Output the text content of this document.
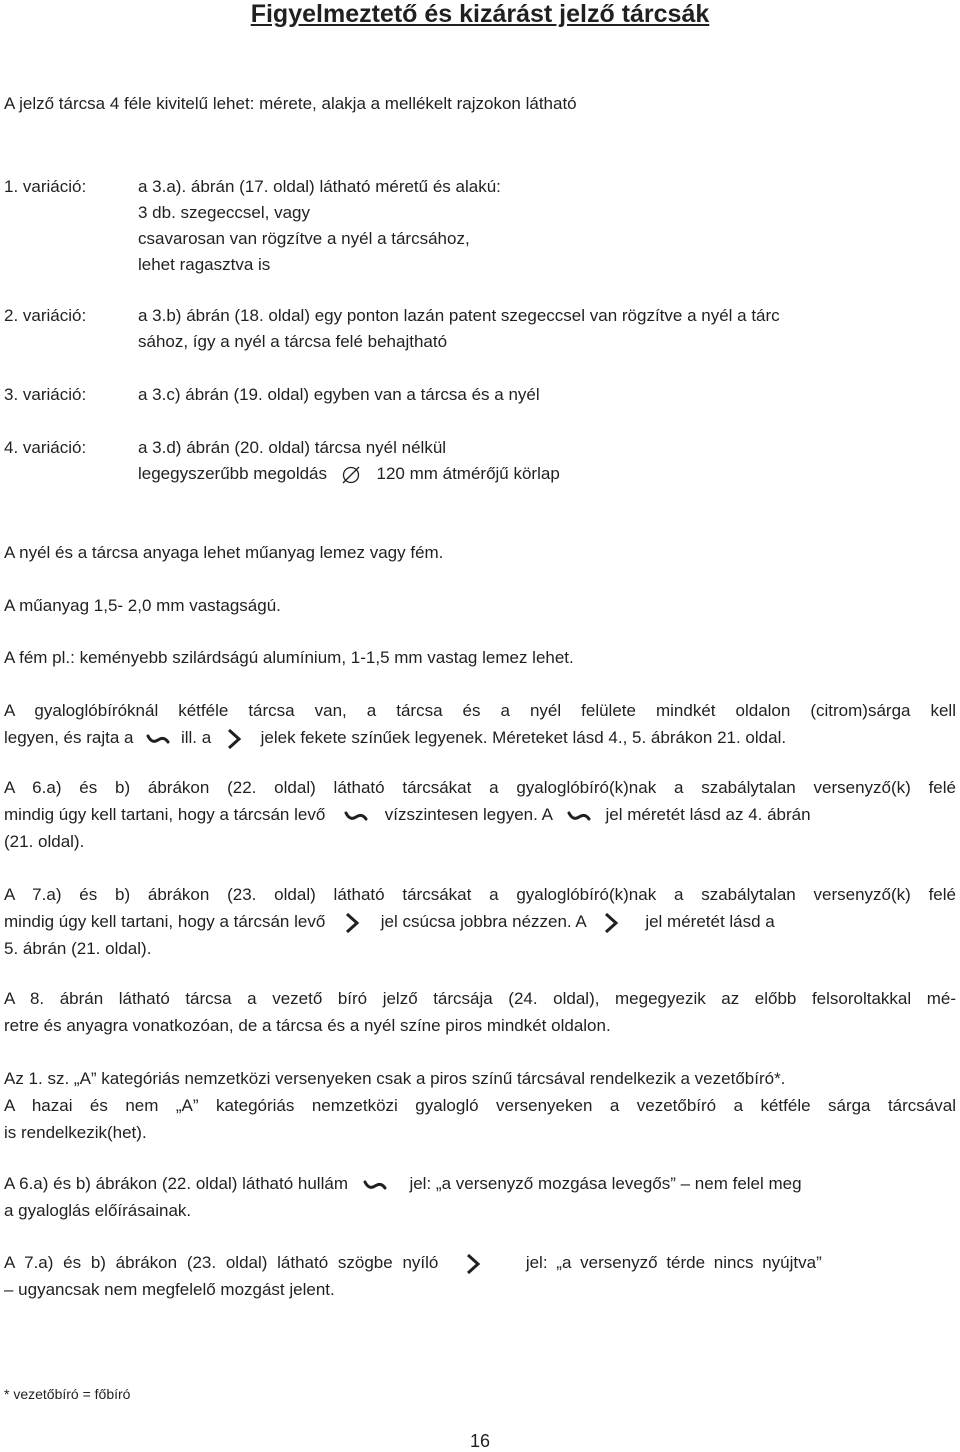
Figyelmeztető és kizárást jelző tárcsák
A jelző tárcsa 4 féle kivitelű lehet: mérete, alakja a mellékelt rajzokon látható
1. variáció:	a 3.a). ábrán (17. oldal) látható méretű és alakú:
3 db. szegeccsel, vagy
csavarosan van rögzítve a nyél a tárcsához,
lehet ragasztva is
2. variáció:	a 3.b) ábrán (18. oldal) egy ponton lazán patent szegeccsel van rögzítve a nyél a tárc
sához, így a nyél a tárcsa felé behajtható
3. variáció:	a 3.c) ábrán (19. oldal) egyben van a tárcsa és a nyél
4. variáció:	a 3.d) ábrán (20. oldal) tárcsa nyél nélkül
legegyszerűbb megoldás	120 mm átmérőjű körlap
A nyél és a tárcsa anyaga lehet műanyag lemez vagy fém.
A műanyag 1,5- 2,0 mm vastagságú.
A fém pl.: keményebb szilárdságú alumínium, 1-1,5 mm vastag lemez lehet.
A gyaloglóbíróknál kétféle tárcsa van, a tárcsa és a nyél felülete mindkét oldalon (citrom)sárga kell
legyen, és rajta a	ill. a	jelek fekete színűek legyenek. Méreteket lásd 4., 5. ábrákon 21. oldal.
A 6.a) és b) ábrákon (22. oldal) látható tárcsákat a gyaloglóbíró(k)nak a szabálytalan versenyző(k) felé
mindig úgy kell tartani, hogy a tárcsán levő	vízszintesen legyen. A	jel méretét lásd az 4. ábrán
(21. oldal).
A 7.a) és b) ábrákon (23. oldal) látható tárcsákat a gyaloglóbíró(k)nak a szabálytalan versenyző(k) felé
mindig úgy kell tartani, hogy a tárcsán levő	jel csúcsa jobbra nézzen. A	jel méretét lásd a
5. ábrán (21. oldal).
A 8. ábrán látható tárcsa a vezető bíró jelző tárcsája (24. oldal), megegyezik az előbb felsoroltakkal mé-
retre és anyagra vonatkozóan, de a tárcsa és a nyél színe piros mindkét oldalon.
Az 1. sz. „A” kategóriás nemzetközi versenyeken csak a piros színű tárcsával rendelkezik a vezetőbíró*.
A hazai és nem „A” kategóriás nemzetközi gyalogló versenyeken a vezetőbíró a kétféle sárga tárcsával
is rendelkezik(het).
A 6.a) és b) ábrákon (22. oldal) látható hullám	jel: „a versenyző mozgása levegős” – nem felel meg
a gyaloglás előírásainak.
A 7.a) és b) ábrákon (23. oldal) látható szögbe nyíló	jel: „a versenyző térde nincs nyújtva”
– ugyancsak nem megfelelő mozgást jelent.
* vezetőbíró = főbíró
16
